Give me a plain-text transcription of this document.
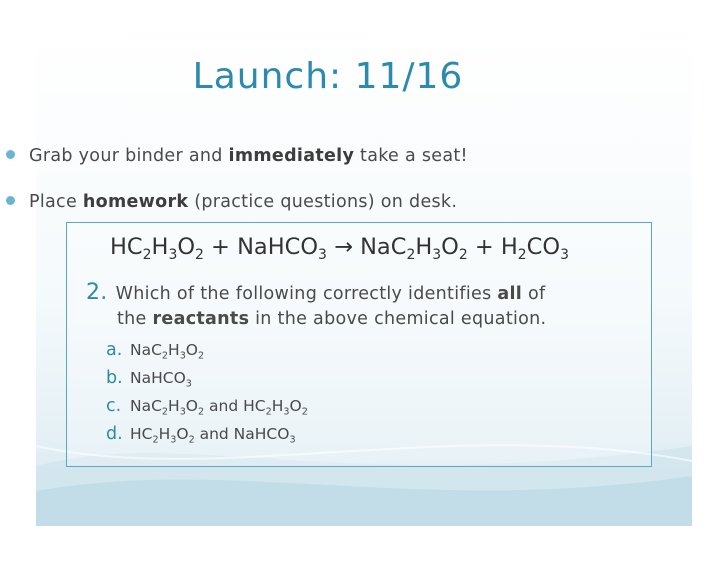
Launch: 11/16
Grab your binder and immediately take a seat!
Place homework (practice questions) on desk.
$HC_2H_3O_2$ + NaHCO$_3$ → $NaC_2H_3O_2 + H_2CO_3$
2. Which of the following correctly identifies all of
the reactants in the above chemical equation.
a. $NaC_2H_3O_2$
b. NaHCO$_3$
c. $NaC_2H_3O_2$ and $HC_2H_3O_2$
d. $HC_2H_3O_2$ and NaHCO$_3$
